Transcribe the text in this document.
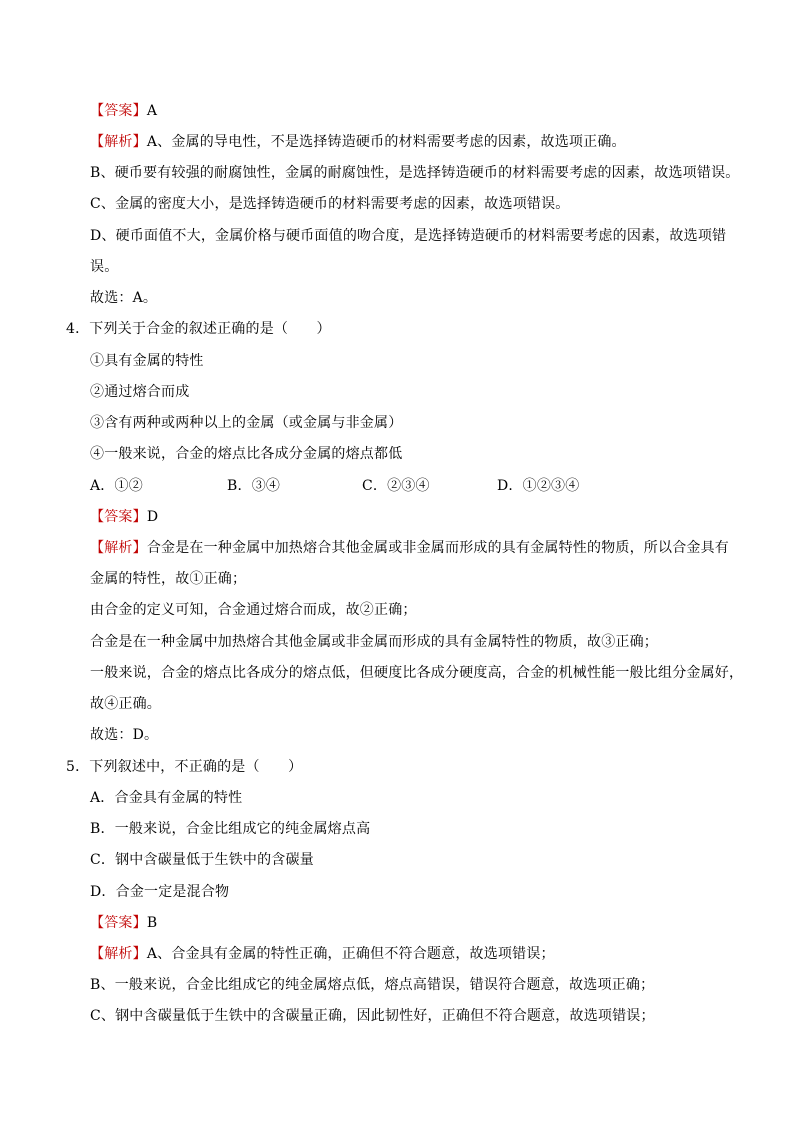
【答案】A
【解析】A、金属的导电性，不是选择铸造硬币的材料需要考虑的因素，故选项正确。
B、硬币要有较强的耐腐蚀性，金属的耐腐蚀性，是选择铸造硬币的材料需要考虑的因素，故选项错误。
C、金属的密度大小，是选择铸造硬币的材料需要考虑的因素，故选项错误。
D、硬币面值不大，金属价格与硬币面值的吻合度，是选择铸造硬币的材料需要考虑的因素，故选项错
误。
故选：A。
4．下列关于合金的叙述正确的是（　　）
①具有金属的特性
②通过熔合而成
③含有两种或两种以上的金属（或金属与非金属）
④一般来说，合金的熔点比各成分金属的熔点都低
A．①②	B．③④	C．②③④	D．①②③④
【答案】D
【解析】合金是在一种金属中加热熔合其他金属或非金属而形成的具有金属特性的物质，所以合金具有
金属的特性，故①正确；
由合金的定义可知，合金通过熔合而成，故②正确；
合金是在一种金属中加热熔合其他金属或非金属而形成的具有金属特性的物质，故③正确；
一般来说，合金的熔点比各成分的熔点低，但硬度比各成分硬度高，合金的机械性能一般比组分金属好，
故④正确。
故选：D。
5．下列叙述中，不正确的是（　　）
A．合金具有金属的特性
B．一般来说，合金比组成它的纯金属熔点高
C．钢中含碳量低于生铁中的含碳量
D．合金一定是混合物
【答案】B
【解析】A、合金具有金属的特性正确，正确但不符合题意，故选项错误；
B、一般来说，合金比组成它的纯金属熔点低，熔点高错误，错误符合题意，故选项正确；
C、钢中含碳量低于生铁中的含碳量正确，因此韧性好，正确但不符合题意，故选项错误；
